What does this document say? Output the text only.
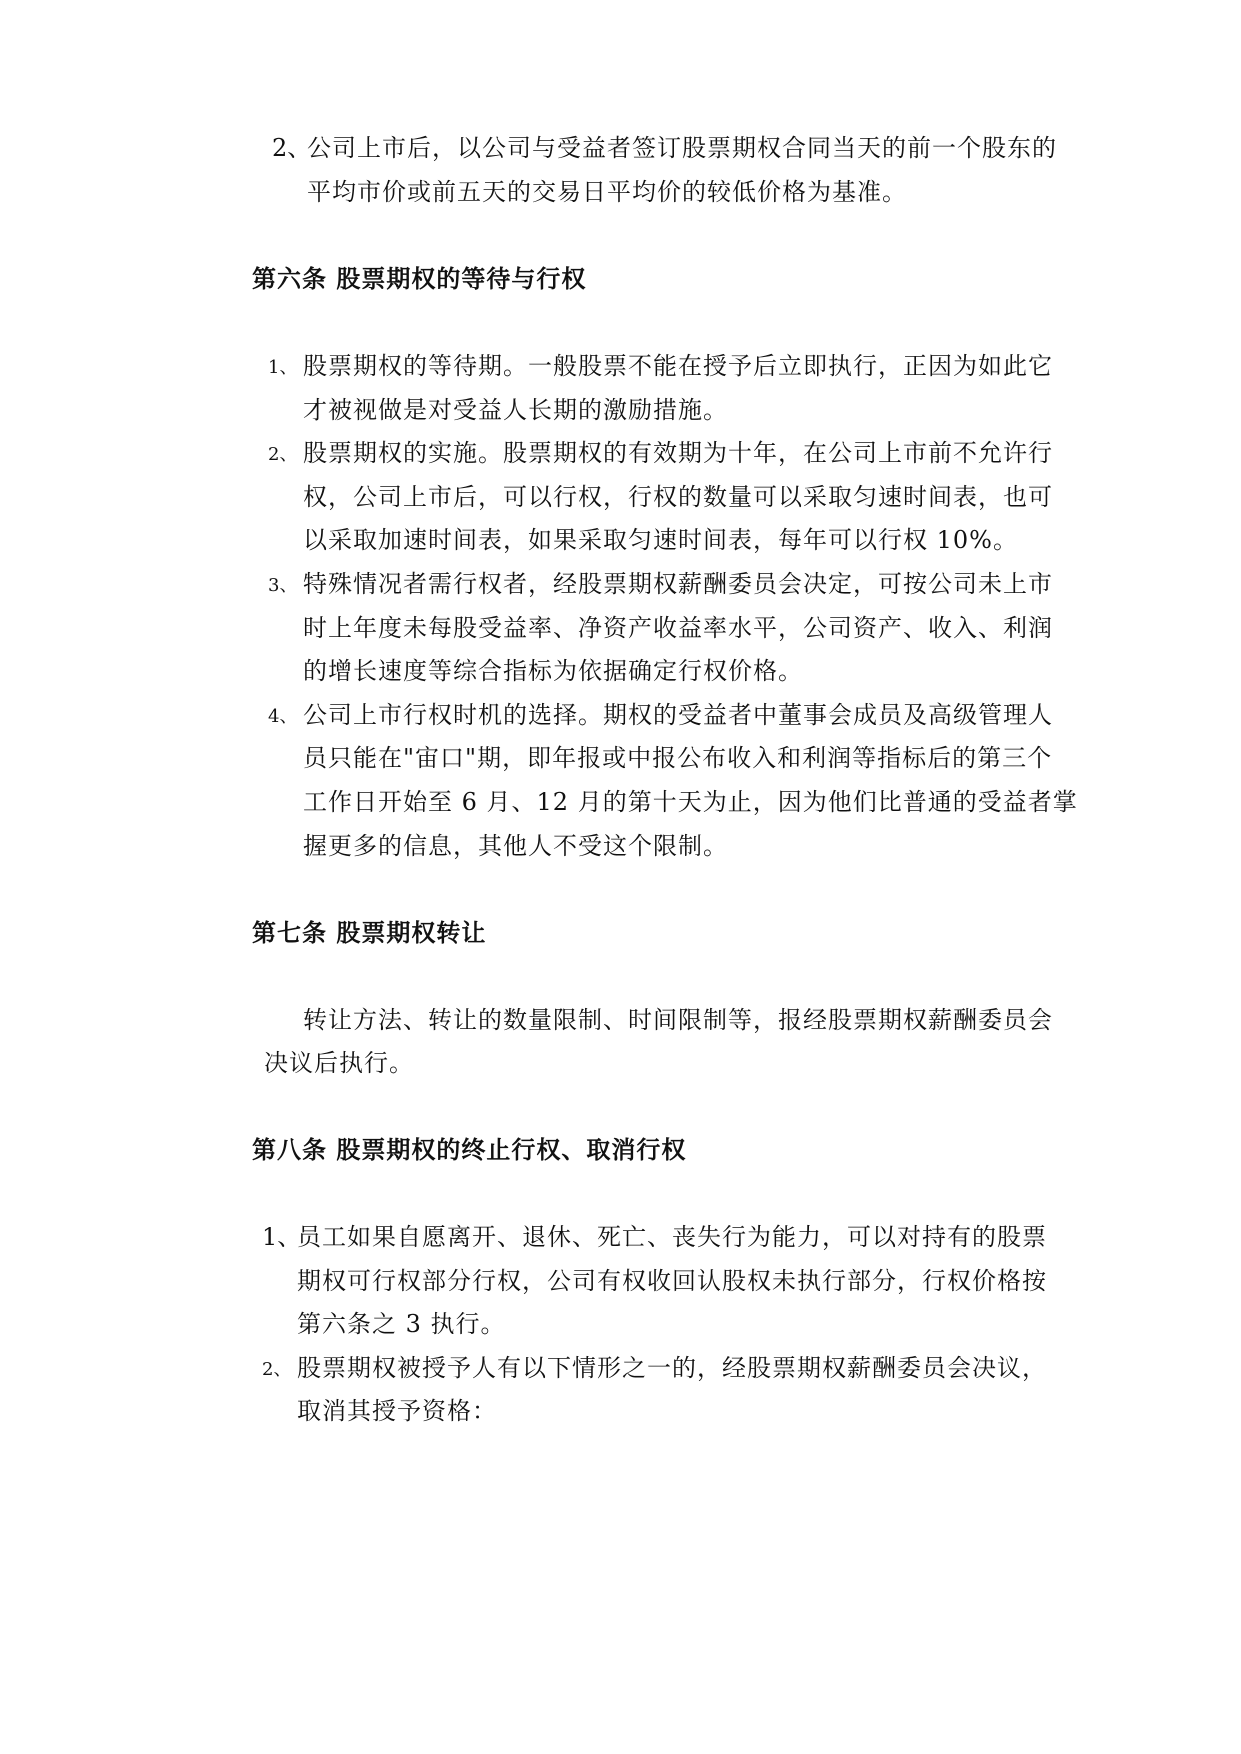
2、
公司上市后，以公司与受益者签订股票期权合同当天的前一个股东的
平均市价或前五天的交易日平均价的较低价格为基准。
第六条 股票期权的等待与行权
1、 股票期权的等待期。一般股票不能在授予后立即执行，正因为如此它
才被视做是对受益人长期的激励措施。
2、 股票期权的实施。股票期权的有效期为十年，在公司上市前不允许行
权，公司上市后，可以行权，行权的数量可以采取匀速时间表，也可
以采取加速时间表，如果采取匀速时间表，每年可以行权 10%。
3、 特殊情况者需行权者，经股票期权薪酬委员会决定，可按公司未上市
时上年度未每股受益率、净资产收益率水平，公司资产、收入、利润
的增长速度等综合指标为依据确定行权价格。
4、 公司上市行权时机的选择。期权的受益者中董事会成员及高级管理人
员只能在"宙口"期，即年报或中报公布收入和利润等指标后的第三个
工作日开始至 6 月、12 月的第十天为止，因为他们比普通的受益者掌
握更多的信息，其他人不受这个限制。
第七条 股票期权转让
转让方法、转让的数量限制、时间限制等，报经股票期权薪酬委员会
决议后执行。
第八条 股票期权的终止行权、取消行权
1、
员工如果自愿离开、退休、死亡、丧失行为能力，可以对持有的股票
期权可行权部分行权，公司有权收回认股权未执行部分，行权价格按
第六条之 3 执行。
2、 股票期权被授予人有以下情形之一的，经股票期权薪酬委员会决议，
取消其授予资格：
